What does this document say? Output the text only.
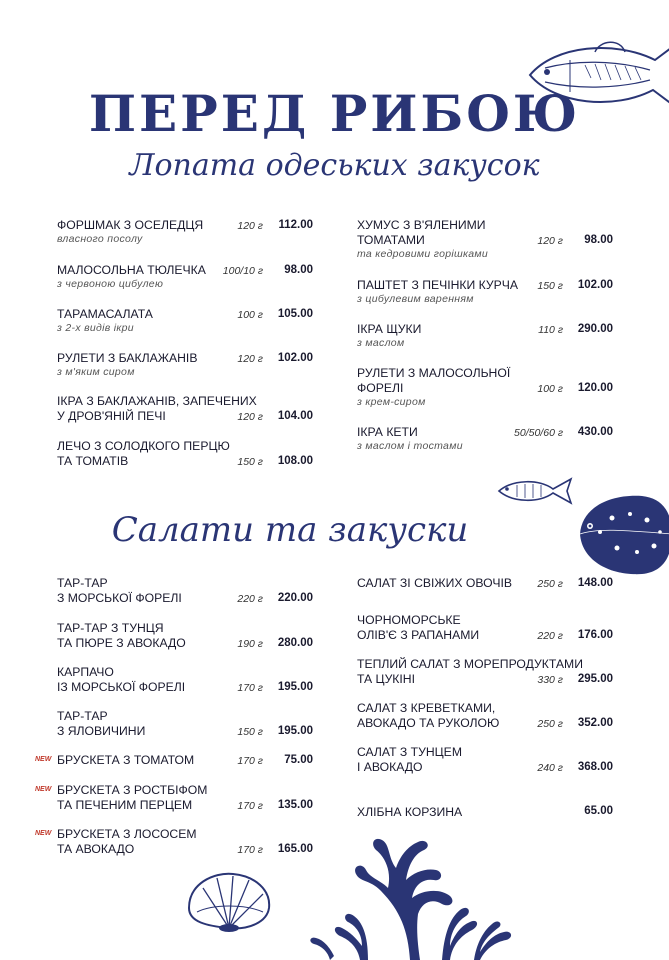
ПЕРЕД РИБОЮ
Лопата одеських закусок
ФОРШМАК З ОСЕЛЕДЦЯ
власного посолу
120 г	112.00
МАЛОСОЛЬНА ТЮЛЕЧКА
з червоною цибулею
100/10 г	98.00
ТАРАМАСАЛАТА
з 2-х видів ікри
100 г	105.00
РУЛЕТИ З БАКЛАЖАНІВ
з м'яким сиром
120 г	102.00
ІКРА З БАКЛАЖАНІВ, ЗАПЕЧЕНИХ
У ДРОВ'ЯНІЙ ПЕЧІ	120 г	104.00
ЛЕЧО З СОЛОДКОГО ПЕРЦЮ
ТА ТОМАТІВ	150 г	108.00
ХУМУС З В'ЯЛЕНИМИ
ТОМАТАМИ
та кедровими горішками
120 г	98.00
ПАШТЕТ З ПЕЧІНКИ КУРЧА
з цибулевим варенням
150 г	102.00
ІКРА ЩУКИ
з маслом
110 г	290.00
РУЛЕТИ З МАЛОСОЛЬНОЇ
ФОРЕЛІ
з крем-сиром
100 г	120.00
ІКРА КЕТИ
з маслом і тостами
50/50/60 г	430.00
Салати та закуски
ТАР-ТАР
З МОРСЬКОЇ ФОРЕЛІ	220 г	220.00
ТАР-ТАР З ТУНЦЯ
ТА ПЮРЕ З АВОКАДО	190 г	280.00
КАРПАЧО
ІЗ МОРСЬКОЇ ФОРЕЛІ	170 г	195.00
ТАР-ТАР
З ЯЛОВИЧИНИ	150 г	195.00
NEW БРУСКЕТА З ТОМАТОМ	170 г	75.00
NEW БРУСКЕТА З РОСТБІФОМ
ТА ПЕЧЕНИМ ПЕРЦЕМ	170 г	135.00
NEW БРУСКЕТА З ЛОСОСЕМ
ТА АВОКАДО	170 г	165.00
САЛАТ ЗІ СВІЖИХ ОВОЧІВ	250 г	148.00
ЧОРНОМОРСЬКЕ
ОЛІВ'Є З РАПАНАМИ	220 г	176.00
ТЕПЛИЙ САЛАТ З МОРЕПРОДУКТАМИ
ТА ЦУКІНІ	330 г	295.00
САЛАТ З КРЕВЕТКАМИ,
АВОКАДО ТА РУКОЛОЮ	250 г	352.00
САЛАТ З ТУНЦЕМ
І АВОКАДО	240 г	368.00
ХЛІБНА КОРЗИНА	65.00
